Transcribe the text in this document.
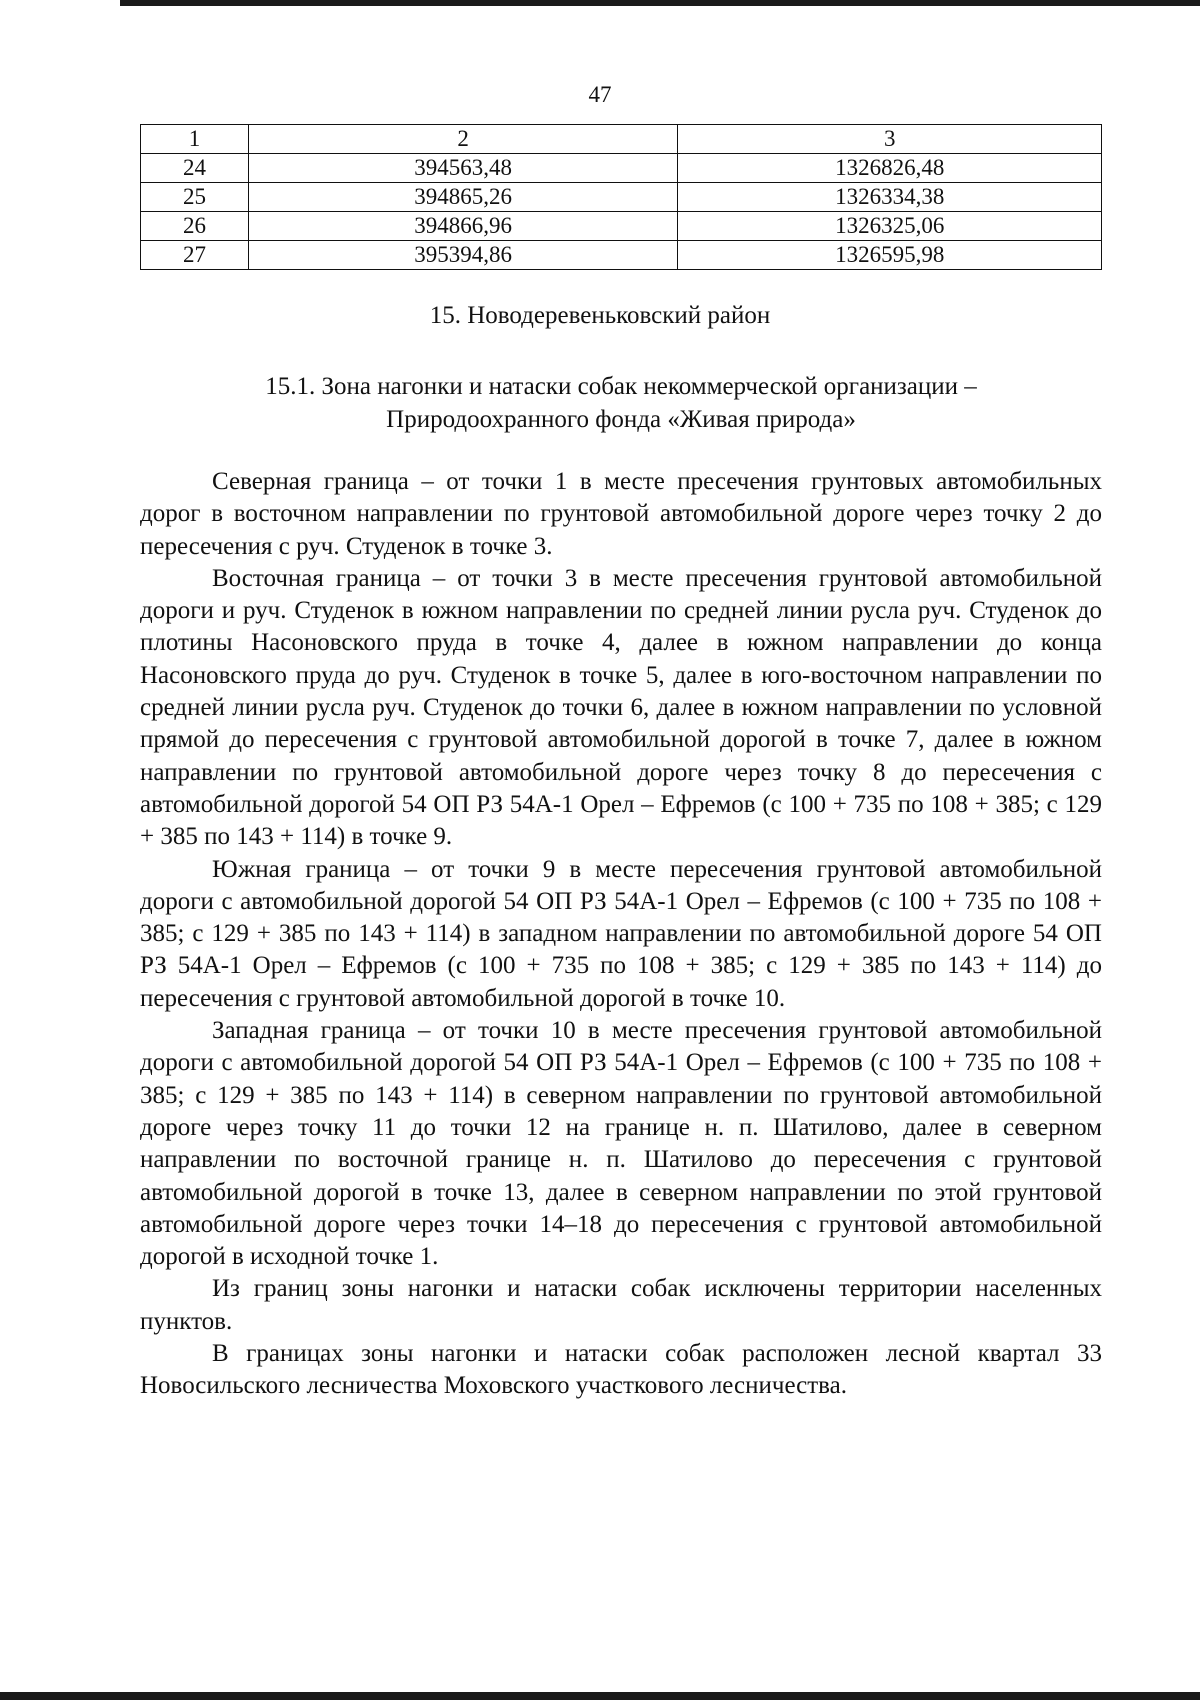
47
1	2	3
24	394563,48	1326826,48
25	394865,26	1326334,38
26	394866,96	1326325,06
27	395394,86	1326595,98
15. Новодеревеньковский район
15.1. Зона нагонки и натаски собак некоммерческой организации –
Природоохранного фонда «Живая природа»

Северная граница – от точки 1 в месте пресечения грунтовых автомобильных дорог в восточном направлении по грунтовой автомобильной дороге через точку 2 до пересечения с руч. Студенок в точке 3.

Восточная граница – от точки 3 в месте пресечения грунтовой автомобильной дороги и руч. Студенок в южном направлении по средней линии русла руч. Студенок до плотины Насоновского пруда в точке 4, далее в южном направлении до конца Насоновского пруда до руч. Студенок в точке 5, далее в юго-восточном направлении по средней линии русла руч. Студенок до точки 6, далее в южном направлении по условной прямой до пересечения с грунтовой автомобильной дорогой в точке 7, далее в южном направлении по грунтовой автомобильной дороге через точку 8 до пересечения с автомобильной дорогой 54 ОП РЗ 54А-1 Орел – Ефремов (с 100 + 735 по 108 + 385; с 129 + 385 по 143 + 114) в точке 9.

Южная граница – от точки 9 в месте пересечения грунтовой автомобильной дороги с автомобильной дорогой 54 ОП РЗ 54А-1 Орел – Ефремов (с 100 + 735 по 108 + 385; с 129 + 385 по 143 + 114) в западном направлении по автомобильной дороге 54 ОП РЗ 54А-1 Орел – Ефремов (с 100 + 735 по 108 + 385; с 129 + 385 по 143 + 114) до пересечения с грунтовой автомобильной дорогой в точке 10.

Западная граница – от точки 10 в месте пресечения грунтовой автомобильной дороги с автомобильной дорогой 54 ОП РЗ 54А-1 Орел – Ефремов (с 100 + 735 по 108 + 385; с 129 + 385 по 143 + 114) в северном направлении по грунтовой автомобильной дороге через точку 11 до точки 12 на границе н. п. Шатилово, далее в северном направлении по восточной границе н. п. Шатилово до пересечения с грунтовой автомобильной дорогой в точке 13, далее в северном направлении по этой грунтовой автомобильной дороге через точки 14–18 до пересечения с грунтовой автомобильной дорогой в исходной точке 1.

Из границ зоны нагонки и натаски собак исключены территории населенных пунктов.

В границах зоны нагонки и натаски собак расположен лесной квартал 33 Новосильского лесничества Моховского участкового лесничества.
